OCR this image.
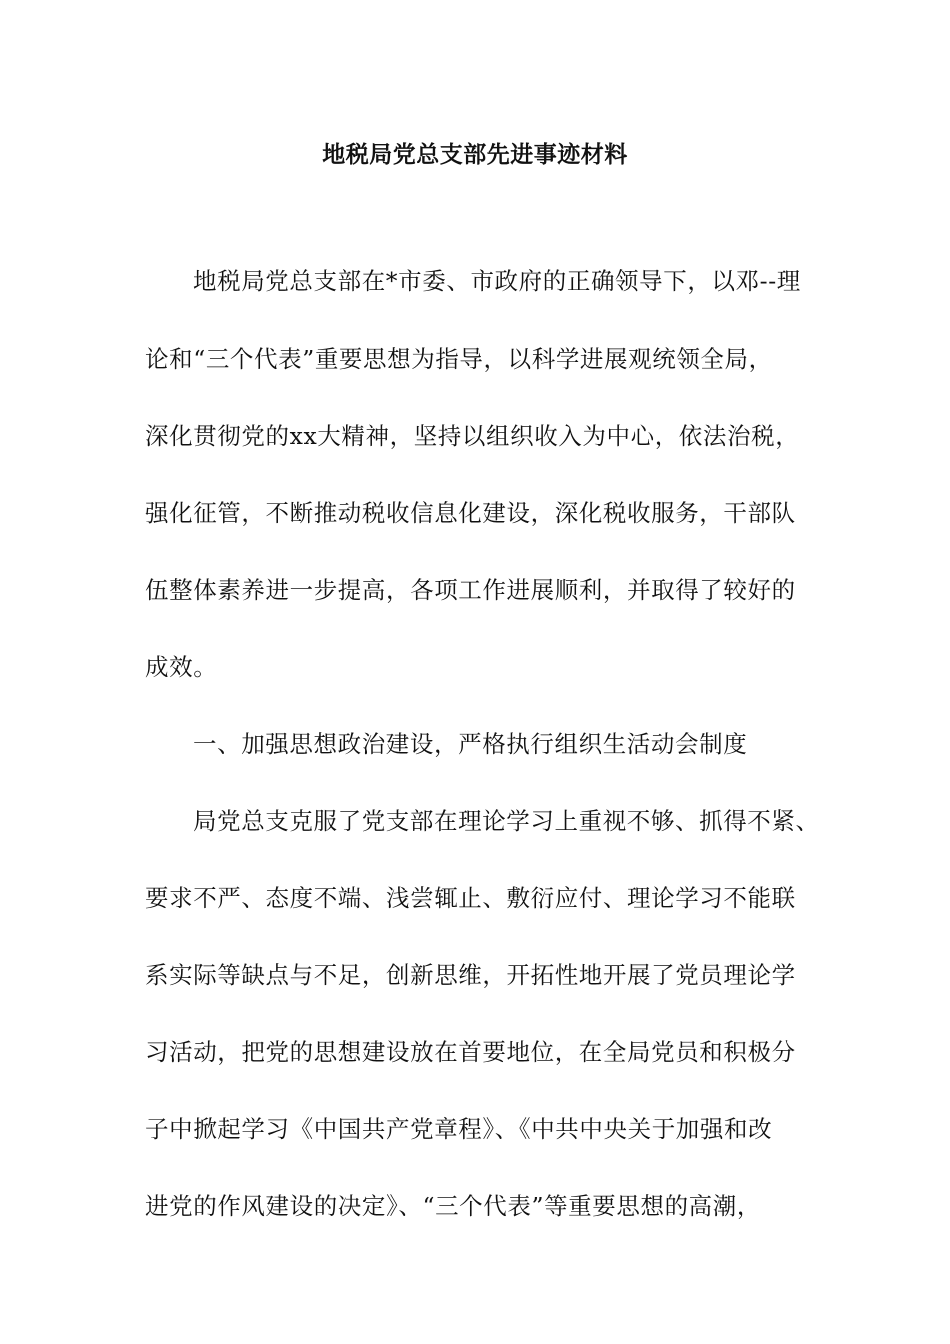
地税局党总支部先进事迹材料
地税局党总支部在*市委、市政府的正确领导下，以邓--理
论和“三个代表”重要思想为指导，以科学进展观统领全局，
深化贯彻党的xx大精神，坚持以组织收入为中心，依法治税，
强化征管，不断推动税收信息化建设，深化税收服务，干部队
伍整体素养进一步提高，各项工作进展顺利，并取得了较好的
成效。
一、加强思想政治建设，严格执行组织生活动会制度
局党总支克服了党支部在理论学习上重视不够、抓得不紧、
要求不严、态度不端、浅尝辄止、敷衍应付、理论学习不能联
系实际等缺点与不足，创新思维，开拓性地开展了党员理论学
习活动，把党的思想建设放在首要地位，在全局党员和积极分
子中掀起学习《中国共产党章程》、《中共中央关于加强和改
进党的作风建设的决定》、“三个代表”等重要思想的高潮，
